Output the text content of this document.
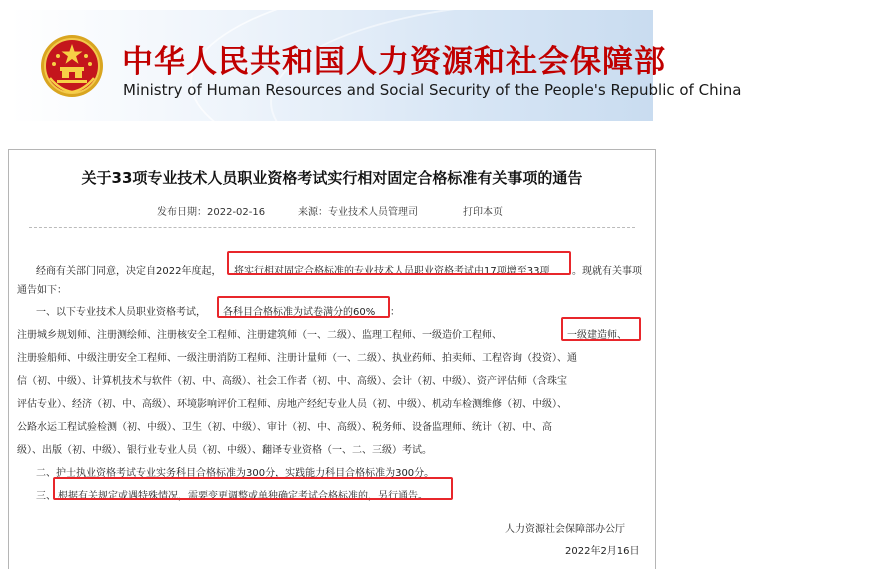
中华人民共和国人力资源和社会保障部
Ministry of Human Resources and Social Security of the People's Republic of China
关于33项专业技术人员职业资格考试实行相对固定合格标准有关事项的通告
发布日期：2022-02-16	来源：专业技术人员管理司	打印本页
经商有关部门同意，决定自2022年度起， 将实行相对固定合格标准的专业技术人员职业资格考试由17项增至33项 。现就有关事项
通告如下：
一、以下专业技术人员职业资格考试， 各科目合格标准为试卷满分的60% ：
注册城乡规划师、注册测绘师、注册核安全工程师、注册建筑师（一、二级）、监理工程师、一级造价工程师、	一级建造师、
注册验船师、中级注册安全工程师、一级注册消防工程师、注册计量师（一、二级）、执业药师、拍卖师、工程咨询（投资）、通
信（初、中级）、计算机技术与软件（初、中、高级）、社会工作者（初、中、高级）、会计（初、中级）、资产评估师（含珠宝
评估专业）、经济（初、中、高级）、环境影响评价工程师、房地产经纪专业人员（初、中级）、机动车检测维修（初、中级）、
公路水运工程试验检测（初、中级）、卫生（初、中级）、审计（初、中、高级）、税务师、设备监理师、统计（初、中、高
级）、出版（初、中级）、银行业专业人员（初、中级）、翻译专业资格（一、二、三级）考试。
二、护士执业资格考试专业实务科目合格标准为300分，实践能力科目合格标准为300分。
三、 根据有关规定或遇特殊情况，需要变更调整或单独确定考试合格标准的，另行通告。
人力资源社会保障部办公厅
2022年2月16日
